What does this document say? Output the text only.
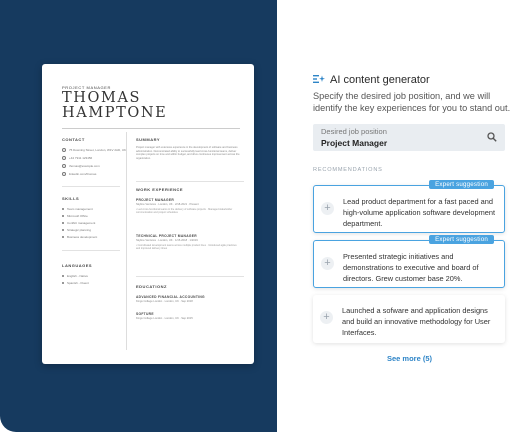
PROJECT MANAGER
THOMAS
HAMPTONE
CONTACT
75 Downing Street, London, W1V 2AD, UK
+44 7911 123456
thomas@example.com
linkedin.com/thomas
SKILLS
Team management
Microsoft Office
Conflict management
Strategic planning
Business development
LANGUAGES
English - Native
Spanish - Fluent
SUMMARY
Project manager with extensive experience in the development of software and business administration. Demonstrated ability to successfully lead cross-functional teams, deliver complex projects on time and within budget, and drive continuous improvement across the organization.
WORK EXPERIENCE
PROJECT MANAGER
Skyline Ventures · London, UK · 2/18-2021 · Present
• Led cross-functional teams in the delivery of software projects · Managed stakeholder communication and project schedules
TECHNICAL PROJECT MANAGER
Skyline Ventures · London, UK · 1/15-2018 · 1/2019
• Coordinated development teams across multiple product lines · Introduced agile practices and improved delivery times
EDUCATIONZ
ADVANCED FINANCIAL ACCOUNTING
Kings College London · London, UK · Sep 2018
SOFTURE
Kings College London · London, UK · Sep 2015
AI content generator
Specify the desired job position, and we will identify the key experiences for you to stand out.
Desired job position
Project Manager
RECOMMENDATIONS
Expert suggestion
+
Lead product department for a fast paced and high-volume application software development department.
Expert suggestion
+
Presented strategic initiatives and demonstrations to executive and board of directors. Grew customer base 20%.
+
Launched a sofware and application designs and build an innovative methodology for User Interfaces.
See more (5)
